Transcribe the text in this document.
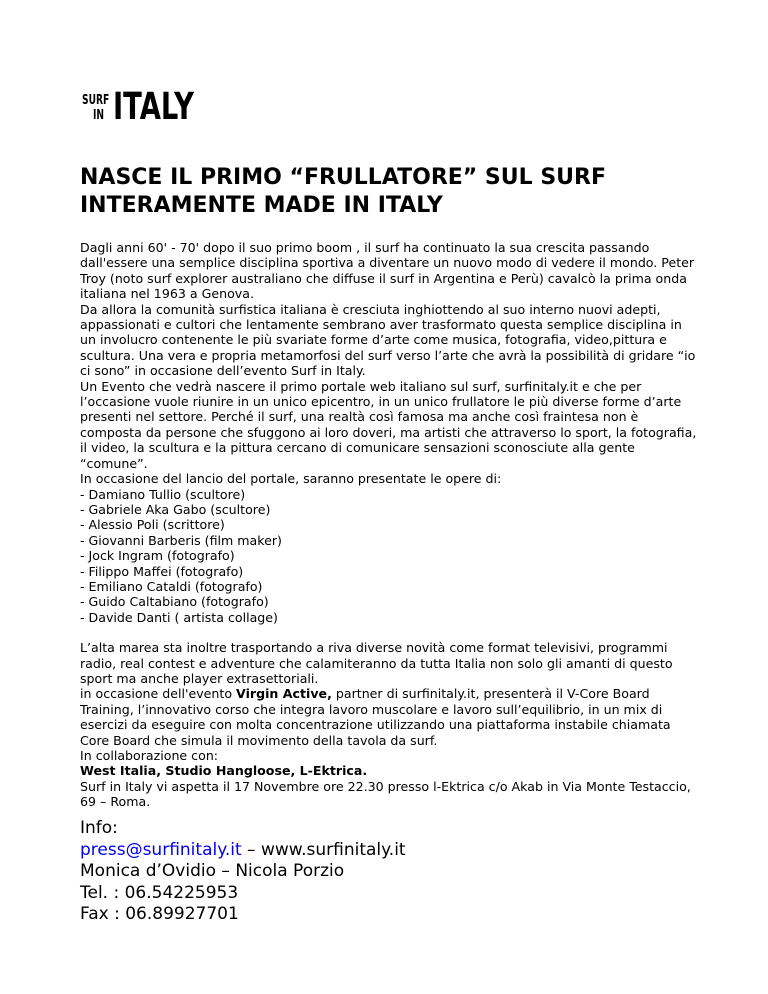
SURF
IN ITALY
NASCE IL PRIMO “FRULLATORE” SUL SURF INTERAMENTE MADE IN ITALY

Dagli anni 60' - 70' dopo il suo primo boom , il surf ha continuato la sua crescita passando dall'essere una semplice disciplina sportiva a diventare un nuovo modo di vedere il mondo. Peter Troy (noto surf explorer australiano che diffuse il surf in Argentina e Perù) cavalcò la prima onda italiana nel 1963 a Genova.

Da allora la comunità surfistica italiana è cresciuta inghiottendo al suo interno nuovi adepti, appassionati e cultori che lentamente sembrano aver trasformato questa semplice disciplina in un involucro contenente le più svariate forme d’arte come musica, fotografia, video,pittura e scultura. Una vera e propria metamorfosi del surf verso l’arte che avrà la possibilità di gridare “io ci sono” in occasione dell’evento Surf in Italy.

Un Evento che vedrà nascere il primo portale web italiano sul surf, surfinitaly.it e che per l’occasione vuole riunire in un unico epicentro, in un unico frullatore le più diverse forme d’arte presenti nel settore. Perché il surf, una realtà così famosa ma anche così fraintesa non è composta da persone che sfuggono ai loro doveri, ma artisti che attraverso lo sport, la fotografia, il video, la scultura e la pittura cercano di comunicare sensazioni sconosciute alla gente “comune”.

In occasione del lancio del portale, saranno presentate le opere di:

- Damiano Tullio (scultore)
- Gabriele Aka Gabo (scultore)
- Alessio Poli (scrittore)
- Giovanni Barberis (film maker)
- Jock Ingram (fotografo)
- Filippo Maffei (fotografo)
- Emiliano Cataldi (fotografo)
- Guido Caltabiano (fotografo)
- Davide Danti ( artista collage)

L’alta marea sta inoltre trasportando a riva diverse novità come format televisivi, programmi radio, real contest e adventure che calamiteranno da tutta Italia non solo gli amanti di questo sport ma anche player extrasettoriali.

in occasione dell'evento Virgin Active, partner di surfinitaly.it, presenterà il V-Core Board Training, l’innovativo corso che integra lavoro muscolare e lavoro sull’equilibrio, in un mix di esercizi da eseguire con molta concentrazione utilizzando una piattaforma instabile chiamata Core Board che simula il movimento della tavola da surf.

In collaborazione con:

West Italia, Studio Hangloose, L-Ektrica.

Surf in Italy vi aspetta il 17 Novembre ore 22.30 presso l-Ektrica c/o Akab in Via Monte Testaccio, 69 – Roma.

Info:

press@surfinitaly.it – www.surfinitaly.it

Monica d’Ovidio – Nicola Porzio

Tel. : 06.54225953

Fax : 06.89927701
